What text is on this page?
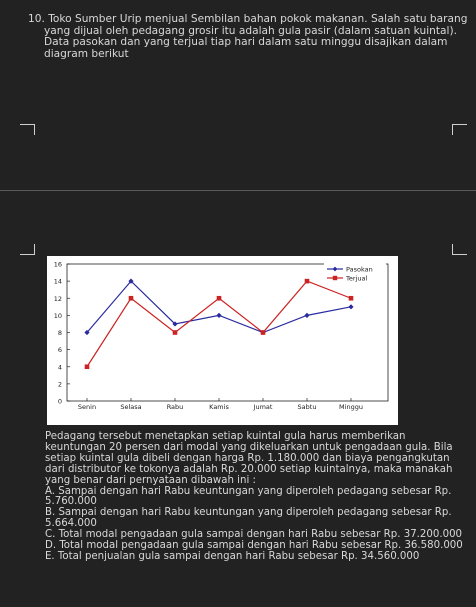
10. Toko Sumber Urip menjual Sembilan bahan pokok makanan. Salah satu barang
yang dijual oleh pedagang grosir itu adalah gula pasir (dalam satuan kuintal).
Data pasokan dan yang terjual tiap hari dalam satu minggu disajikan dalam
diagram berikut
0
2
4
6
8
10
12
14
16
Senin	Selasa	Rabu	Kamis	Jumat	Sabtu	Minggu
Pasokan
Terjual

Pedagang tersebut menetapkan setiap kuintal gula harus memberikan

keuntungan 20 persen dari modal yang dikeluarkan untuk pengadaan gula. Bila

setiap kuintal gula dibeli dengan harga Rp. 1.180.000 dan biaya pengangkutan

dari distributor ke tokonya adalah Rp. 20.000 setiap kuintalnya, maka manakah

yang benar dari pernyataan dibawah ini :

A. Sampai dengan hari Rabu keuntungan yang diperoleh pedagang sebesar Rp.

5.760.000

B. Sampai dengan hari Rabu keuntungan yang diperoleh pedagang sebesar Rp.

5.664.000

C. Total modal pengadaan gula sampai dengan hari Rabu sebesar Rp. 37.200.000

D. Total modal pengadaan gula sampai dengan hari Rabu sebesar Rp. 36.580.000

E. Total penjualan gula sampai dengan hari Rabu sebesar Rp. 34.560.000
